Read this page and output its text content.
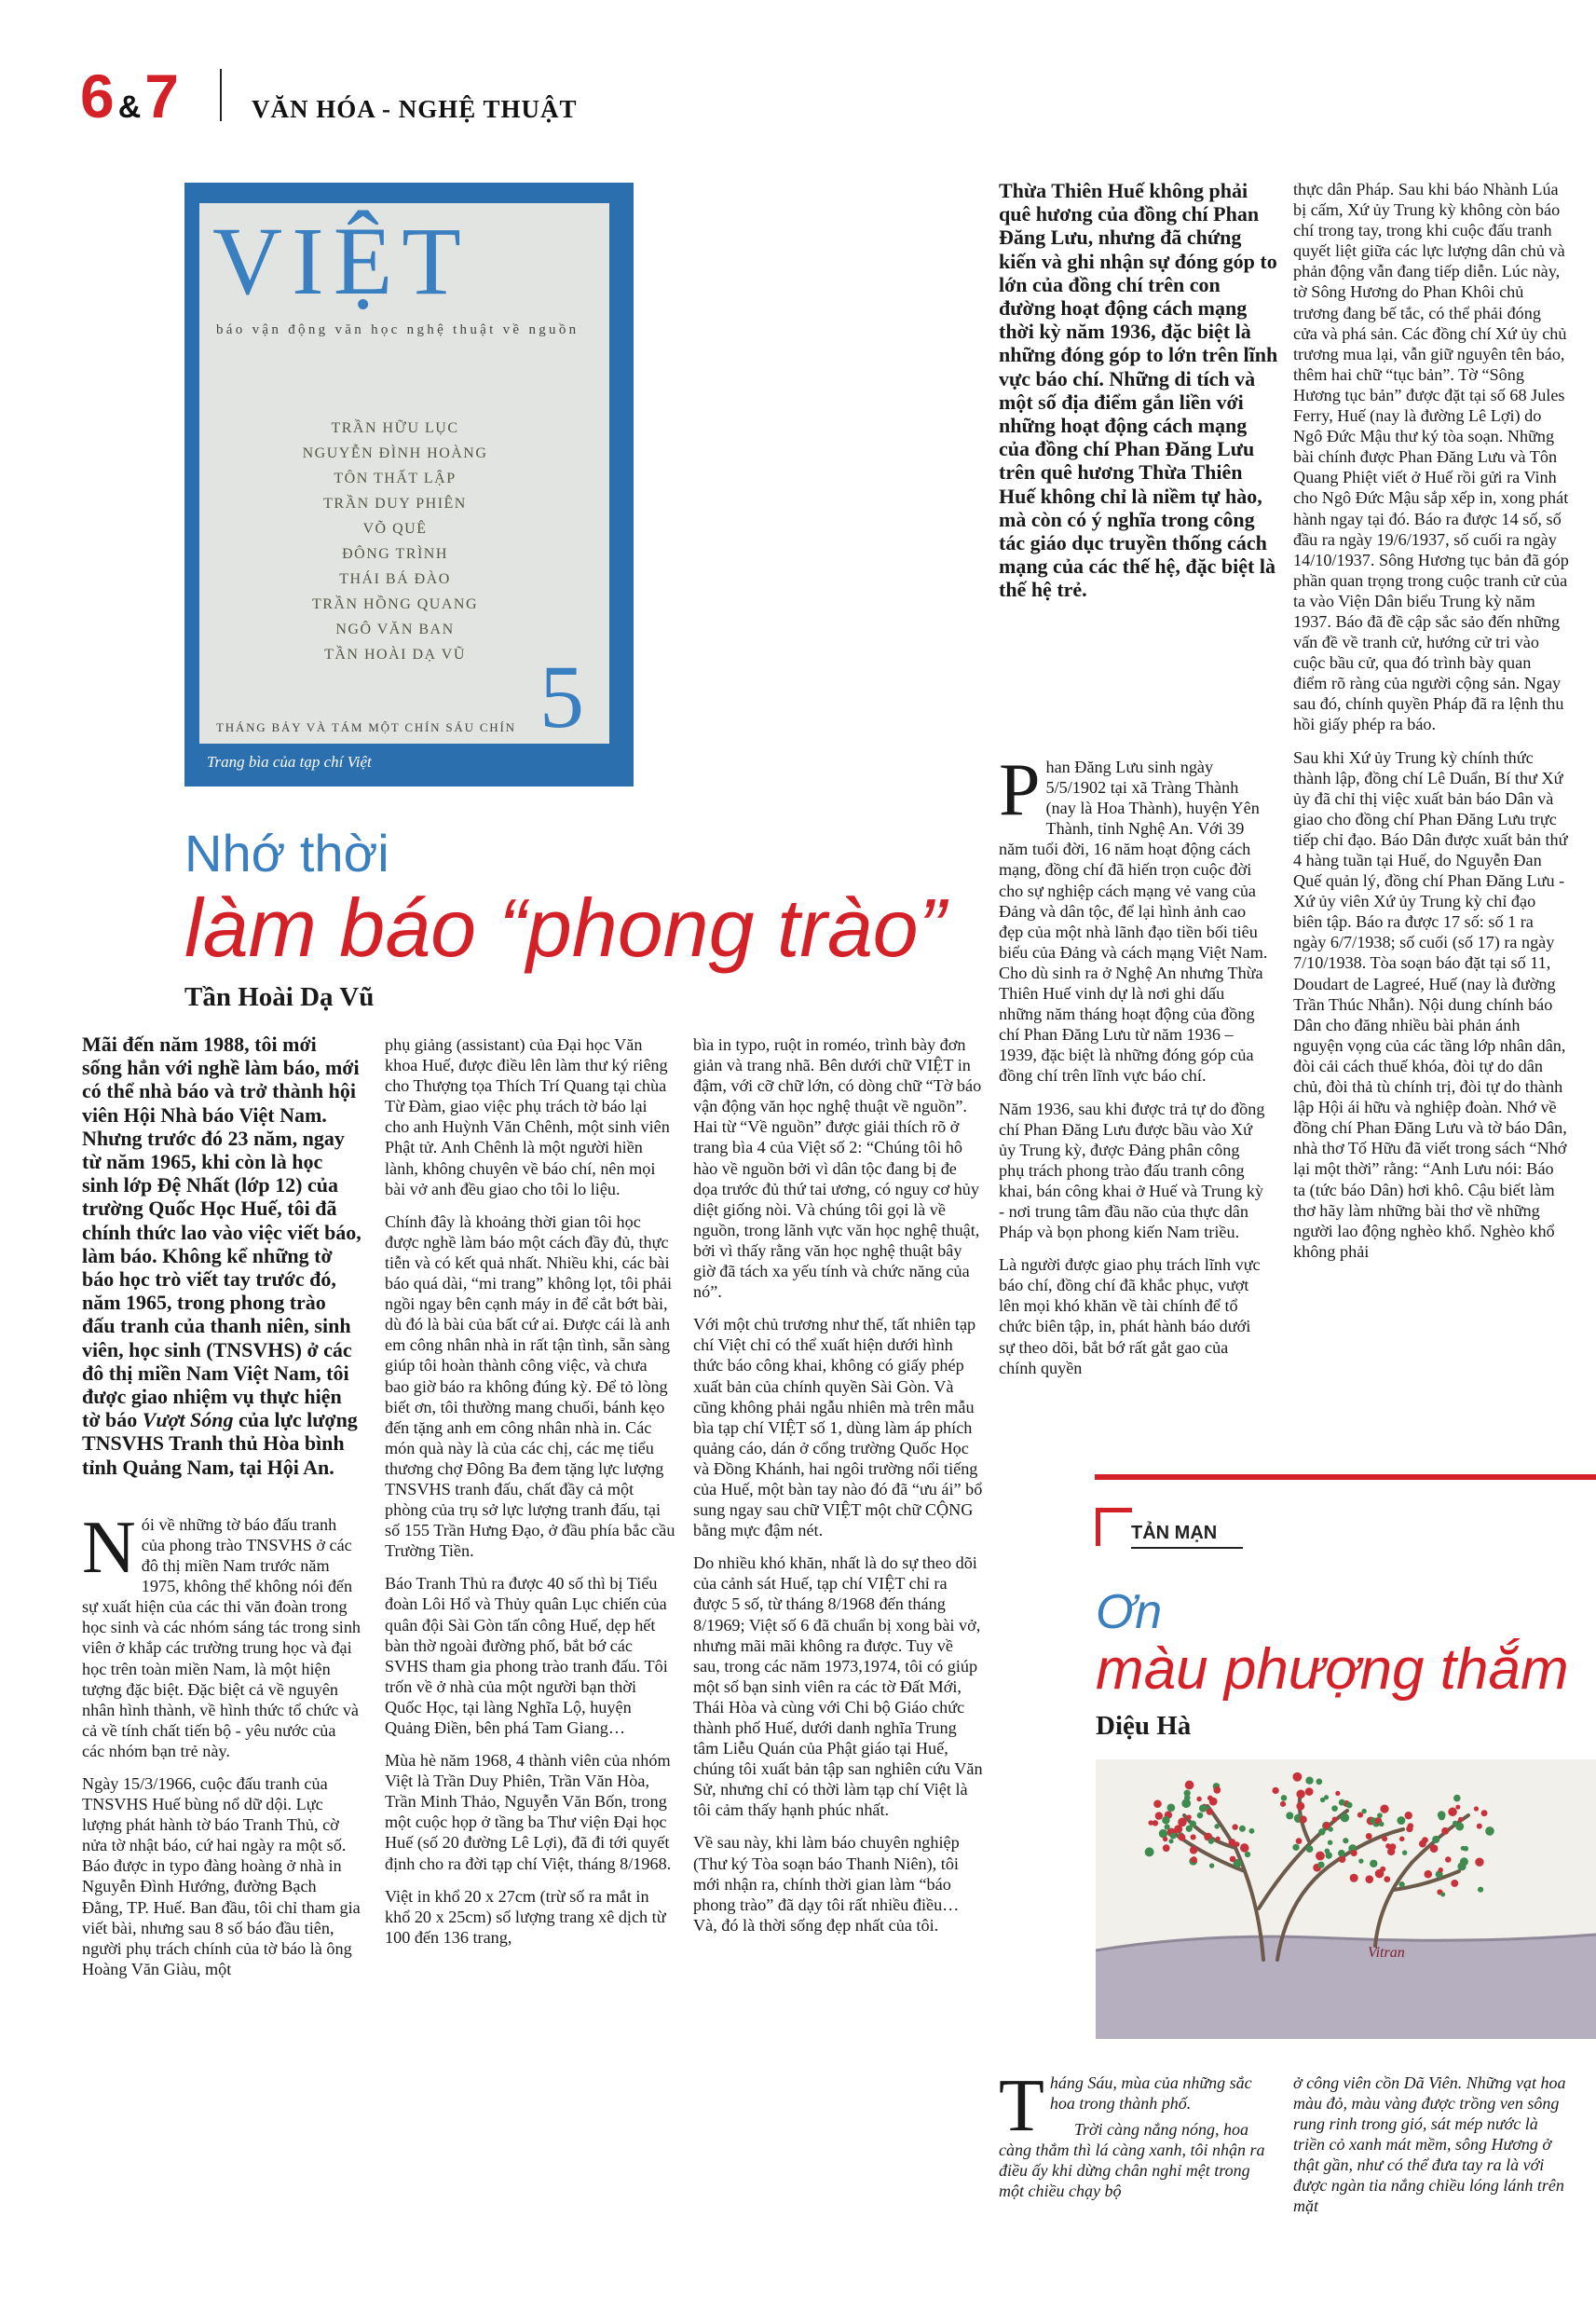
6 &7	VĂN HÓA - NGHỆ THUẬT
VIỆT
báo vận động văn học nghệ thuật về nguồn
TRẦN HỮU LỤC
NGUYỄN ĐÌNH HOÀNG
TÔN THẤT LẬP
TRẦN DUY PHIÊN
VÕ QUÊ
ĐÔNG TRÌNH
THÁI BÁ ĐÀO
TRẦN HỒNG QUANG
NGÔ VĂN BAN
TẦN HOÀI DẠ VŨ
THÁNG BẢY VÀ TÁM MỘT CHÍN SÁU CHÍN 5
Trang bìa của tạp chí Việt
Nhớ thời
làm báo “phong trào”
Tần Hoài Dạ Vũ

Mãi đến năm 1988, tôi mới sống hẳn với nghề làm báo, mới có thể nhà báo và trở thành hội viên Hội Nhà báo Việt Nam. Nhưng trước đó 23 năm, ngay từ năm 1965, khi còn là học sinh lớp Đệ Nhất (lớp 12) của trường Quốc Học Huế, tôi đã chính thức lao vào việc viết báo, làm báo. Không kể những tờ báo học trò viết tay trước đó, năm 1965, trong phong trào đấu tranh của thanh niên, sinh viên, học sinh (TNSVHS) ở các đô thị miền Nam Việt Nam, tôi được giao nhiệm vụ thực hiện tờ báo Vượt Sóng của lực lượng TNSVHS Tranh thủ Hòa bình tỉnh Quảng Nam, tại Hội An.

Nói về những tờ báo đấu tranh của phong trào TNSVHS ở các đô thị miền Nam trước năm 1975, không thể không nói đến sự xuất hiện của các thi văn đoàn trong học sinh và các nhóm sáng tác trong sinh viên ở khắp các trường trung học và đại học trên toàn miền Nam, là một hiện tượng đặc biệt. Đặc biệt cả về nguyên nhân hình thành, về hình thức tổ chức và cả về tính chất tiến bộ - yêu nước của các nhóm bạn trẻ này.

Ngày 15/3/1966, cuộc đấu tranh của TNSVHS Huế bùng nổ dữ dội. Lực lượng phát hành tờ báo Tranh Thủ, cờ nửa tờ nhật báo, cứ hai ngày ra một số. Báo được in typo đàng hoàng ở nhà in Nguyễn Đình Hướng, đường Bạch Đằng, TP. Huế. Ban đầu, tôi chỉ tham gia viết bài, nhưng sau 8 số báo đầu tiên, người phụ trách chính của tờ báo là ông Hoàng Văn Giàu, một

phụ giảng (assistant) của Đại học Văn khoa Huế, được điều lên làm thư ký riêng cho Thượng tọa Thích Trí Quang tại chùa Từ Đàm, giao việc phụ trách tờ báo lại cho anh Huỳnh Văn Chênh, một sinh viên Phật tử. Anh Chênh là một người hiền lành, không chuyên về báo chí, nên mọi bài vở anh đều giao cho tôi lo liệu.

Chính đây là khoảng thời gian tôi học được nghề làm báo một cách đầy đủ, thực tiễn và có kết quả nhất. Nhiều khi, các bài báo quá dài, “mi trang” không lọt, tôi phải ngồi ngay bên cạnh máy in để cắt bớt bài, dù đó là bài của bất cứ ai. Được cái là anh em công nhân nhà in rất tận tình, sẵn sàng giúp tôi hoàn thành công việc, và chưa bao giờ báo ra không đúng kỳ. Để tỏ lòng biết ơn, tôi thường mang chuối, bánh kẹo đến tặng anh em công nhân nhà in. Các món quà này là của các chị, các mẹ tiểu thương chợ Đông Ba đem tặng lực lượng TNSVHS tranh đấu, chất đầy cả một phòng của trụ sở lực lượng tranh đấu, tại số 155 Trần Hưng Đạo, ở đầu phía bắc cầu Trường Tiền.

Báo Tranh Thủ ra được 40 số thì bị Tiểu đoàn Lôi Hổ và Thủy quân Lục chiến của quân đội Sài Gòn tấn công Huế, dẹp hết bàn thờ ngoài đường phố, bắt bớ các SVHS tham gia phong trào tranh đấu. Tôi trốn về ở nhà của một người bạn thời Quốc Học, tại làng Nghĩa Lộ, huyện Quảng Điền, bên phá Tam Giang…

Mùa hè năm 1968, 4 thành viên của nhóm Việt là Trần Duy Phiên, Trần Văn Hòa, Trần Minh Thảo, Nguyễn Văn Bốn, trong một cuộc họp ở tầng ba Thư viện Đại học Huế (số 20 đường Lê Lợi), đã đi tới quyết định cho ra đời tạp chí Việt, tháng 8/1968.

Việt in khổ 20 x 27cm (trừ số ra mắt in khổ 20 x 25cm) số lượng trang xê dịch từ 100 đến 136 trang,

bìa in typo, ruột in roméo, trình bày đơn giản và trang nhã. Bên dưới chữ VIỆT in đậm, với cỡ chữ lớn, có dòng chữ “Tờ báo vận động văn học nghệ thuật về nguồn”. Hai từ “Về nguồn” được giải thích rõ ở trang bìa 4 của Việt số 2: “Chúng tôi hô hào về nguồn bởi vì dân tộc đang bị đe dọa trước đủ thứ tai ương, có nguy cơ hủy diệt giống nòi. Và chúng tôi gọi là về nguồn, trong lãnh vực văn học nghệ thuật, bởi vì thấy rằng văn học nghệ thuật bây giờ đã tách xa yếu tính và chức năng của nó”.

Với một chủ trương như thế, tất nhiên tạp chí Việt chỉ có thể xuất hiện dưới hình thức báo công khai, không có giấy phép xuất bản của chính quyền Sài Gòn. Và cũng không phải ngẫu nhiên mà trên mẫu bìa tạp chí VIỆT số 1, dùng làm áp phích quảng cáo, dán ở cổng trường Quốc Học và Đồng Khánh, hai ngôi trường nổi tiếng của Huế, một bàn tay nào đó đã “ưu ái” bổ sung ngay sau chữ VIỆT một chữ CỘNG bằng mực đậm nét.

Do nhiều khó khăn, nhất là do sự theo dõi của cảnh sát Huế, tạp chí VIỆT chỉ ra được 5 số, từ tháng 8/1968 đến tháng 8/1969; Việt số 6 đã chuẩn bị xong bài vở, nhưng mãi mãi không ra được. Tuy về sau, trong các năm 1973,1974, tôi có giúp một số bạn sinh viên ra các tờ Đất Mới, Thái Hòa và cùng với Chi bộ Giáo chức thành phố Huế, dưới danh nghĩa Trung tâm Liễu Quán của Phật giáo tại Huế, chúng tôi xuất bản tập san nghiên cứu Văn Sử, nhưng chỉ có thời làm tạp chí Việt là tôi cảm thấy hạnh phúc nhất.

Về sau này, khi làm báo chuyên nghiệp (Thư ký Tòa soạn báo Thanh Niên), tôi mới nhận ra, chính thời gian làm “báo phong trào” đã dạy tôi rất nhiều điều… Và, đó là thời sống đẹp nhất của tôi.

Thừa Thiên Huế không phải quê hương của đồng chí Phan Đăng Lưu, nhưng đã chứng kiến và ghi nhận sự đóng góp to lớn của đồng chí trên con đường hoạt động cách mạng thời kỳ năm 1936, đặc biệt là những đóng góp to lớn trên lĩnh vực báo chí. Những di tích và một số địa điểm gắn liền với những hoạt động cách mạng của đồng chí Phan Đăng Lưu trên quê hương Thừa Thiên Huế không chỉ là niềm tự hào, mà còn có ý nghĩa trong công tác giáo dục truyền thống cách mạng của các thế hệ, đặc biệt là thế hệ trẻ.

Phan Đăng Lưu sinh ngày 5/5/1902 tại xã Tràng Thành (nay là Hoa Thành), huyện Yên Thành, tỉnh Nghệ An. Với 39 năm tuổi đời, 16 năm hoạt động cách mạng, đồng chí đã hiến trọn cuộc đời cho sự nghiệp cách mạng vẻ vang của Đảng và dân tộc, để lại hình ảnh cao đẹp của một nhà lãnh đạo tiền bối tiêu biểu của Đảng và cách mạng Việt Nam. Cho dù sinh ra ở Nghệ An nhưng Thừa Thiên Huế vinh dự là nơi ghi dấu những năm tháng hoạt động của đồng chí Phan Đăng Lưu từ năm 1936 – 1939, đặc biệt là những đóng góp của đồng chí trên lĩnh vực báo chí.

Năm 1936, sau khi được trả tự do đồng chí Phan Đăng Lưu được bầu vào Xứ ủy Trung kỳ, được Đảng phân công phụ trách phong trào đấu tranh công khai, bán công khai ở Huế và Trung kỳ - nơi trung tâm đầu não của thực dân Pháp và bọn phong kiến Nam triều.

Là người được giao phụ trách lĩnh vực báo chí, đồng chí đã khắc phục, vượt lên mọi khó khăn về tài chính để tổ chức biên tập, in, phát hành báo dưới sự theo dõi, bắt bớ rất gắt gao của chính quyền

thực dân Pháp. Sau khi báo Nhành Lúa bị cấm, Xứ ủy Trung kỳ không còn báo chí trong tay, trong khi cuộc đấu tranh quyết liệt giữa các lực lượng dân chủ và phản động vẫn đang tiếp diễn. Lúc này, tờ Sông Hương do Phan Khôi chủ trương đang bế tắc, có thể phải đóng cửa và phá sản. Các đồng chí Xứ ủy chủ trương mua lại, vẫn giữ nguyên tên báo, thêm hai chữ “tục bản”. Tờ “Sông Hương tục bản” được đặt tại số 68 Jules Ferry, Huế (nay là đường Lê Lợi) do Ngô Đức Mậu thư ký tòa soạn. Những bài chính được Phan Đăng Lưu và Tôn Quang Phiệt viết ở Huế rồi gửi ra Vinh cho Ngô Đức Mậu sắp xếp in, xong phát hành ngay tại đó. Báo ra được 14 số, số đầu ra ngày 19/6/1937, số cuối ra ngày 14/10/1937. Sông Hương tục bản đã góp phần quan trọng trong cuộc tranh cử của ta vào Viện Dân biểu Trung kỳ năm 1937. Báo đã đề cập sắc sảo đến những vấn đề về tranh cử, hướng cử tri vào cuộc bầu cử, qua đó trình bày quan điểm rõ ràng của người cộng sản. Ngay sau đó, chính quyền Pháp đã ra lệnh thu hồi giấy phép ra báo.

Sau khi Xứ ủy Trung kỳ chính thức thành lập, đồng chí Lê Duẩn, Bí thư Xứ ủy đã chỉ thị việc xuất bản báo Dân và giao cho đồng chí Phan Đăng Lưu trực tiếp chỉ đạo. Báo Dân được xuất bản thứ 4 hàng tuần tại Huế, do Nguyễn Đan Quế quản lý, đồng chí Phan Đăng Lưu - Xứ ủy viên Xứ ủy Trung kỳ chỉ đạo biên tập. Báo ra được 17 số: số 1 ra ngày 6/7/1938; số cuối (số 17) ra ngày 7/10/1938. Tòa soạn báo đặt tại số 11, Doudart de Lagreé, Huế (nay là đường Trần Thúc Nhẫn). Nội dung chính báo Dân cho đăng nhiều bài phản ánh nguyện vọng của các tầng lớp nhân dân, đòi cải cách thuế khóa, đòi tự do dân chủ, đòi thả tù chính trị, đòi tự do thành lập Hội ái hữu và nghiệp đoàn. Nhớ về đồng chí Phan Đăng Lưu và tờ báo Dân, nhà thơ Tố Hữu đã viết trong sách “Nhớ lại một thời” rằng: “Anh Lưu nói: Báo ta (tức báo Dân) hơi khô. Cậu biết làm thơ hãy làm những bài thơ về những người lao động nghèo khổ. Nghèo khổ không phải

TẢN MẠN
Ơn
màu phượng thắm
Diệu Hà
Vitran

Tháng Sáu, mùa của những sắc hoa trong thành phố.

Trời càng nắng nóng, hoa càng thắm thì lá càng xanh, tôi nhận ra điều ấy khi dừng chân nghỉ mệt trong một chiều chạy bộ

ở công viên cồn Dã Viên. Những vạt hoa màu đỏ, màu vàng được trồng ven sông rung rinh trong gió, sát mép nước là triền cỏ xanh mát mềm, sông Hương ở thật gần, như có thể đưa tay ra là với được ngàn tia nắng chiều lóng lánh trên mặt
